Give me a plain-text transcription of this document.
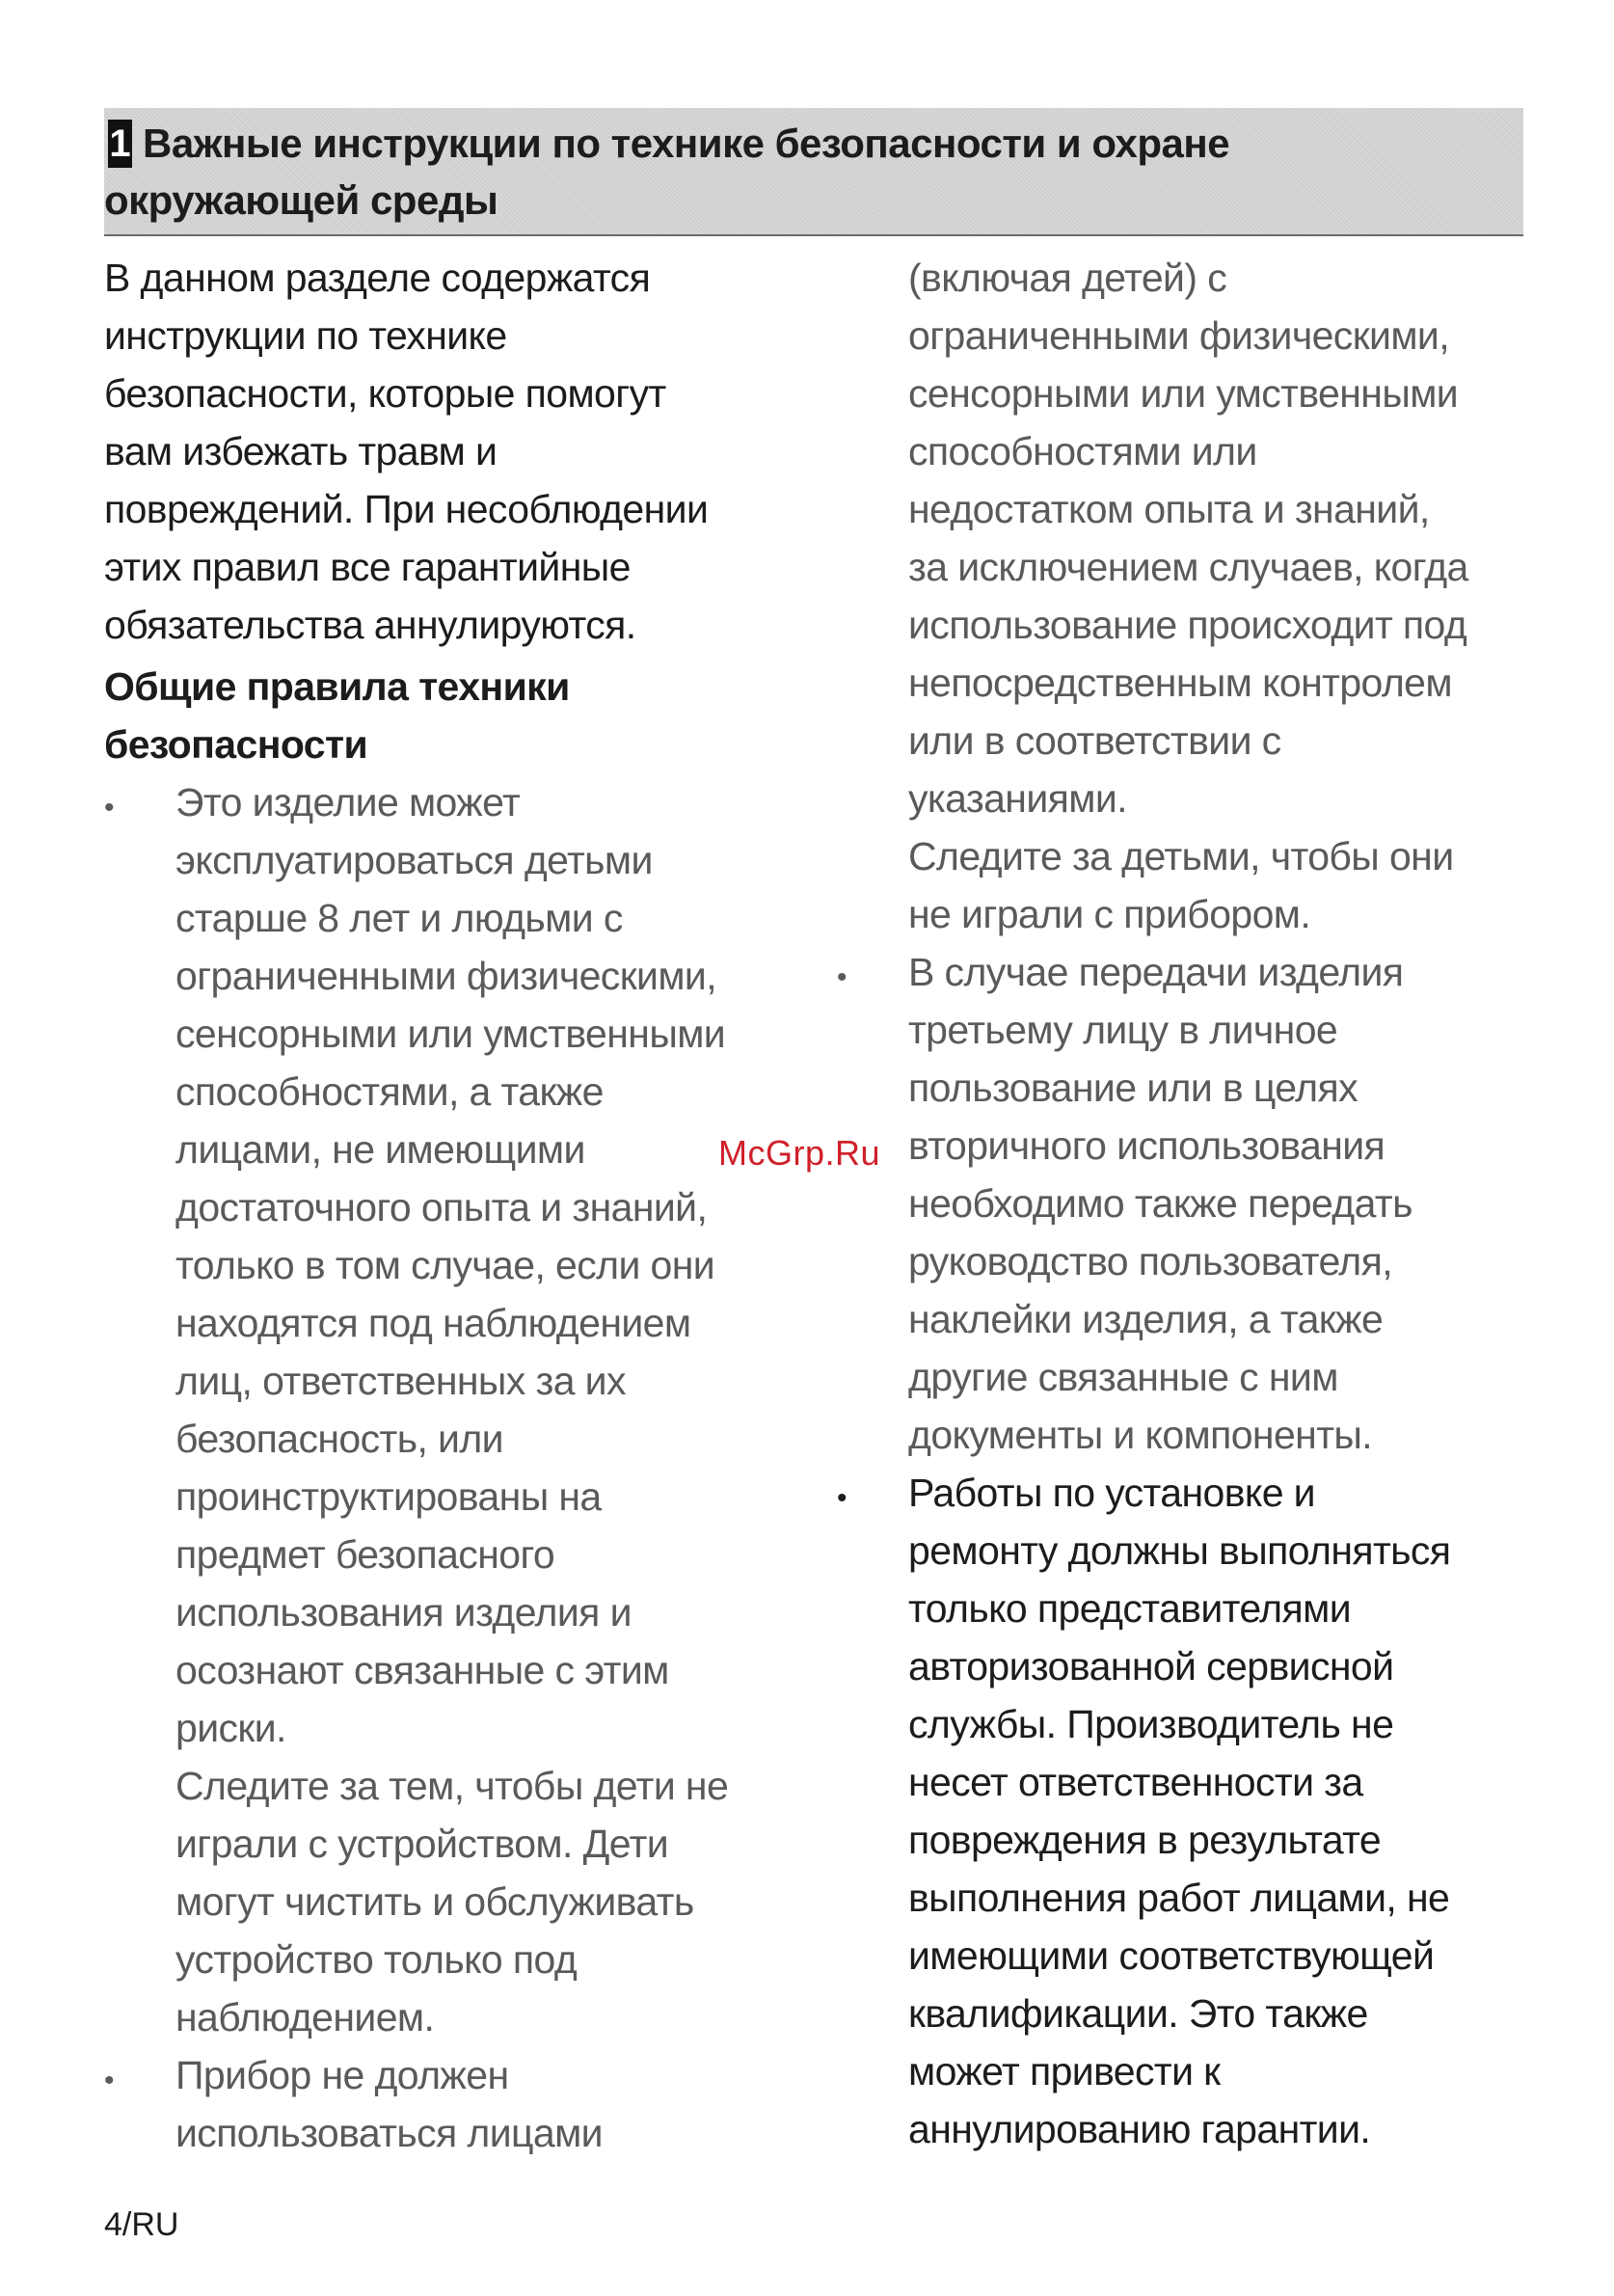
1 Важные инструкции по технике безопасности и охране
окружающей среды
В данном разделе содержатся
инструкции по технике
безопасности, которые помогут
вам избежать травм и
повреждений. При несоблюдении
этих правил все гарантийные
обязательства аннулируются.
Общие правила техники
безопасности
• Это изделие может
эксплуатироваться детьми
старше 8 лет и людьми с
ограниченными физическими,
сенсорными или умственными
способностями, а также
лицами, не имеющими
достаточного опыта и знаний,
только в том случае, если они
находятся под наблюдением
лиц, ответственных за их
безопасность, или
проинструктированы на
предмет безопасного
использования изделия и
осознают связанные с этим
риски.
Следите за тем, чтобы дети не
играли с устройством. Дети
могут чистить и обслуживать
устройство только под
наблюдением.
• Прибор не должен
использоваться лицами
(включая детей) с
ограниченными физическими,
сенсорными или умственными
способностями или
недостатком опыта и знаний,
за исключением случаев, когда
использование происходит под
непосредственным контролем
или в соответствии с
указаниями.
Следите за детьми, чтобы они
не играли с прибором.
• В случае передачи изделия
третьему лицу в личное
пользование или в целях
вторичного использования
необходимо также передать
руководство пользователя,
наклейки изделия, а также
другие связанные с ним
документы и компоненты.
• Работы по установке и
ремонту должны выполняться
только представителями
авторизованной сервисной
службы. Производитель не
несет ответственности за
повреждения в результате
выполнения работ лицами, не
имеющими соответствующей
квалификации. Это также
может привести к
аннулированию гарантии.
McGrp.Ru
4/RU
